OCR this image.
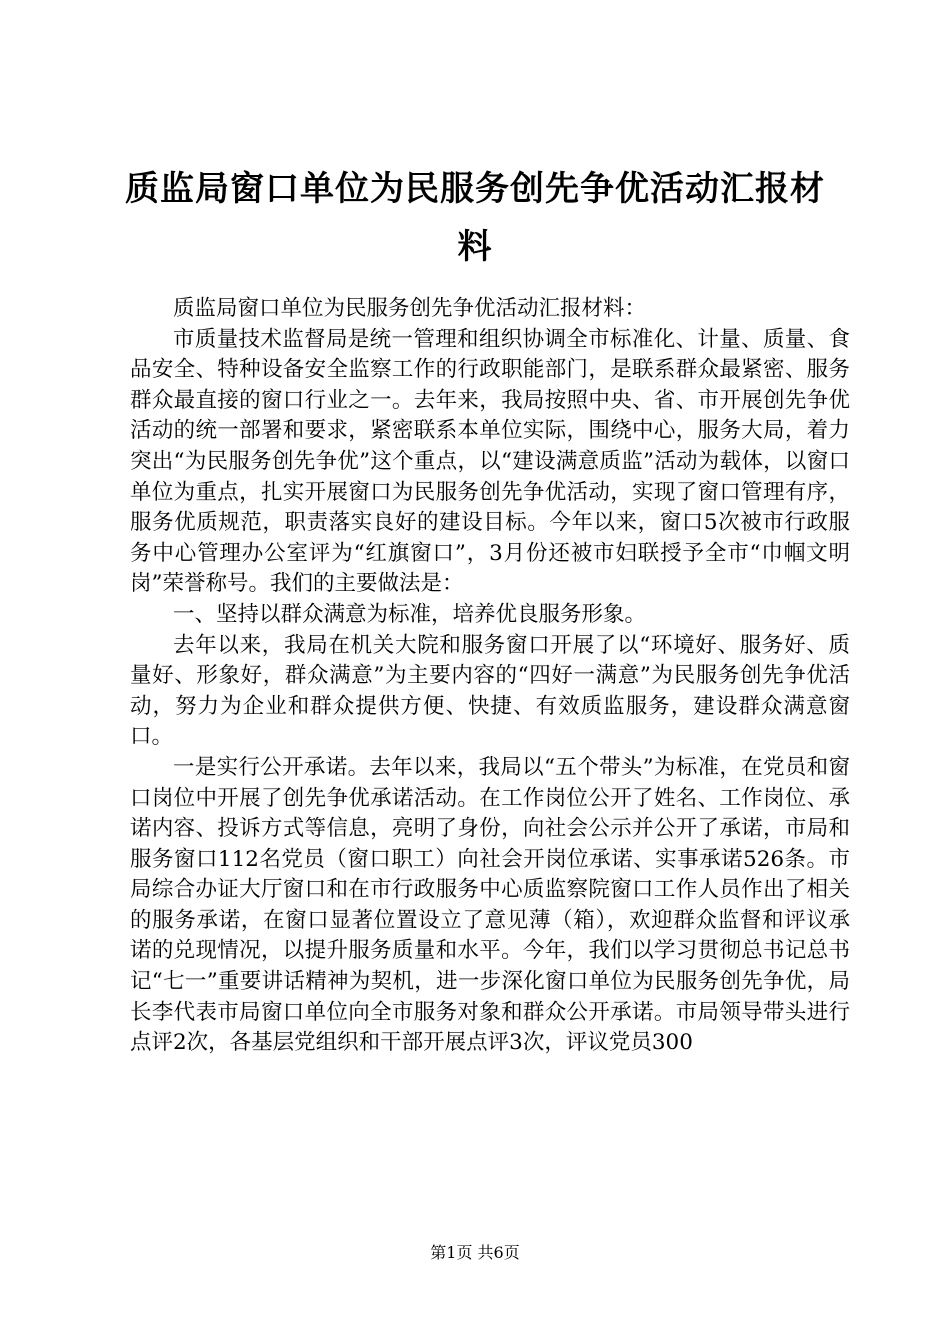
质监局窗口单位为民服务创先争优活动汇报材料

质监局窗口单位为民服务创先争优活动汇报材料：

市质量技术监督局是统一管理和组织协调全市标准化、计量、质量、食品安全、特种设备安全监察工作的行政职能部门，是联系群众最紧密、服务群众最直接的窗口行业之一。去年来，我局按照中央、省、市开展创先争优活动的统一部署和要求，紧密联系本单位实际，围绕中心，服务大局，着力突出“为民服务创先争优”这个重点，以“建设满意质监”活动为载体，以窗口单位为重点，扎实开展窗口为民服务创先争优活动，实现了窗口管理有序，服务优质规范，职责落实良好的建设目标。今年以来，窗口5次被市行政服务中心管理办公室评为“红旗窗口”，3月份还被市妇联授予全市“巾帼文明岗”荣誉称号。我们的主要做法是：

一、坚持以群众满意为标准，培养优良服务形象。

去年以来，我局在机关大院和服务窗口开展了以“环境好、服务好、质量好、形象好，群众满意”为主要内容的“四好一满意”为民服务创先争优活动，努力为企业和群众提供方便、快捷、有效质监服务，建设群众满意窗口。

一是实行公开承诺。去年以来，我局以“五个带头”为标准，在党员和窗口岗位中开展了创先争优承诺活动。在工作岗位公开了姓名、工作岗位、承诺内容、投诉方式等信息，亮明了身份，向社会公示并公开了承诺，市局和服务窗口112名党员（窗口职工）向社会开岗位承诺、实事承诺526条。市局综合办证大厅窗口和在市行政服务中心质监察院窗口工作人员作出了相关的服务承诺，在窗口显著位置设立了意见薄（箱），欢迎群众监督和评议承诺的兑现情况，以提升服务质量和水平。今年，我们以学习贯彻总书记总书记“七一”重要讲话精神为契机，进一步深化窗口单位为民服务创先争优，局长李代表市局窗口单位向全市服务对象和群众公开承诺。市局领导带头进行点评2次，各基层党组织和干部开展点评3次，评议党员300

第1页 共6页
